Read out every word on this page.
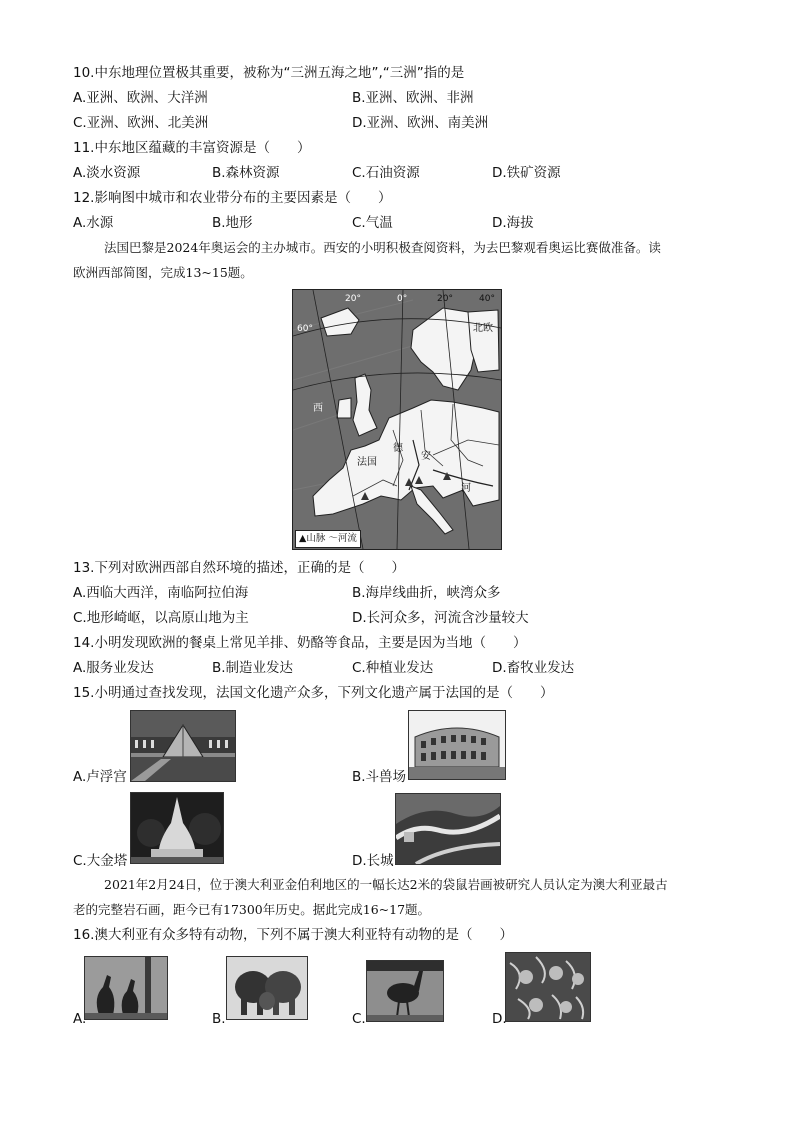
10.中东地理位置极其重要，被称为“三洲五海之地”,“三洲”指的是
A.亚洲、欧洲、大洋洲	B.亚洲、欧洲、非洲
C.亚洲、欧洲、北美洲	D.亚洲、欧洲、南美洲
11.中东地区蕴藏的丰富资源是（　　）
A.淡水资源	B.森林资源	C.石油资源	D.铁矿资源
12.影响图中城市和农业带分布的主要因素是（　　）
A.水源	B.地形	C.气温	D.海拔
法国巴黎是2024年奥运会的主办城市。西安的小明积极查阅资料，为去巴黎观看奥运比赛做准备。读
欧洲西部简图，完成13~15题。
20°	0°	20°	40°
60°	北欧
西
法国
德
安
河
▲山脉 〜河流
13.下列对欧洲西部自然环境的描述，正确的是（　　）
A.西临大西洋，南临阿拉伯海	B.海岸线曲折，峡湾众多
C.地形崎岖，以高原山地为主	D.长河众多，河流含沙量较大
14.小明发现欧洲的餐桌上常见羊排、奶酪等食品，主要是因为当地（　　）
A.服务业发达	B.制造业发达	C.种植业发达	D.畜牧业发达
15.小明通过查找发现，法国文化遗产众多，下列文化遗产属于法国的是（　　）
A.卢浮宫	B.斗兽场
C.大金塔	D.长城
2021年2月24日，位于澳大利亚金伯利地区的一幅长达2米的袋鼠岩画被研究人员认定为澳大利亚最古
老的完整岩石画，距今已有17300年历史。据此完成16~17题。
16.澳大利亚有众多特有动物，下列不属于澳大利亚特有动物的是（　　）
A.	B.	C.	D.
